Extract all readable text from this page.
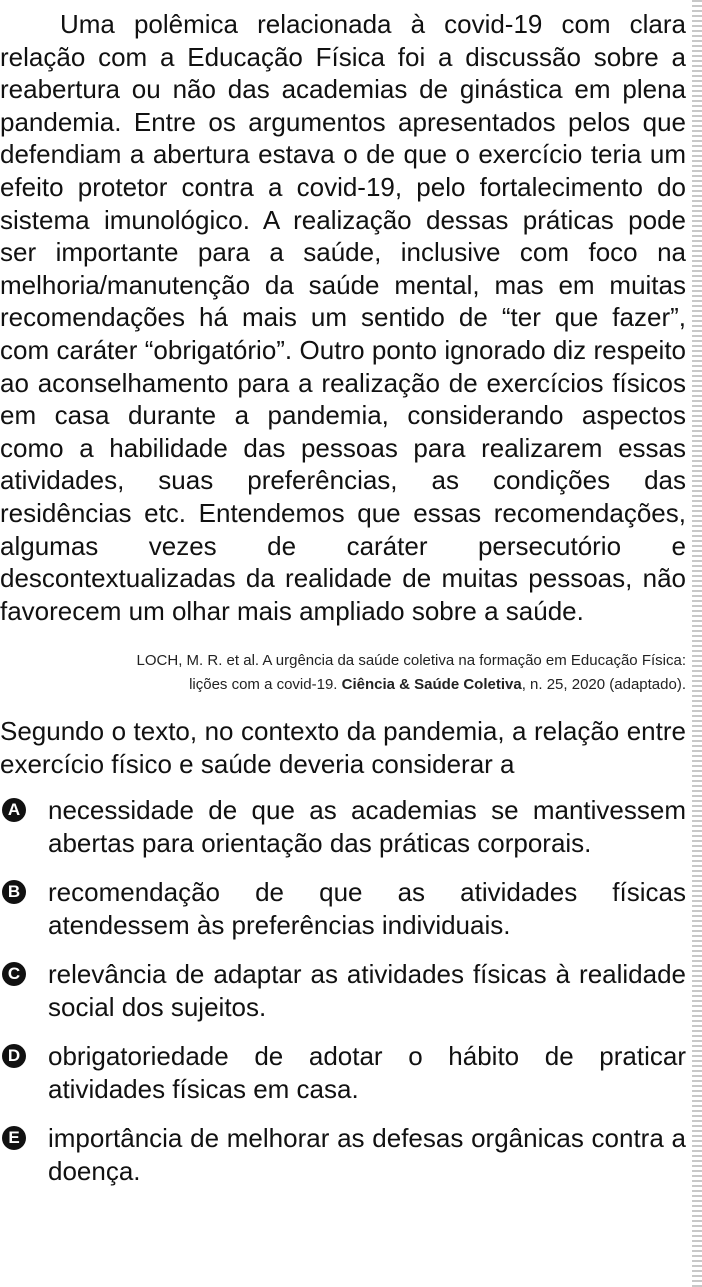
Uma polêmica relacionada à covid-19 com clara relação com a Educação Física foi a discussão sobre a reabertura ou não das academias de ginástica em plena pandemia. Entre os argumentos apresentados pelos que defendiam a abertura estava o de que o exercício teria um efeito protetor contra a covid-19, pelo fortalecimento do sistema imunológico. A realização dessas práticas pode ser importante para a saúde, inclusive com foco na melhoria/manutenção da saúde mental, mas em muitas recomendações há mais um sentido de “ter que fazer”, com caráter “obrigatório”. Outro ponto ignorado diz respeito ao aconselhamento para a realização de exercícios físicos em casa durante a pandemia, considerando aspectos como a habilidade das pessoas para realizarem essas atividades, suas preferências, as condições das residências etc. Entendemos que essas recomendações, algumas vezes de caráter persecutório e descontextualizadas da realidade de muitas pessoas, não favorecem um olhar mais ampliado sobre a saúde.

LOCH, M. R. et al. A urgência da saúde coletiva na formação em Educação Física:
lições com a covid-19. Ciência & Saúde Coletiva, n. 25, 2020 (adaptado).

Segundo o texto, no contexto da pandemia, a relação entre exercício físico e saúde deveria considerar a

A necessidade de que as academias se mantivessem abertas para orientação das práticas corporais.
B recomendação de que as atividades físicas atendessem às preferências individuais.
C relevância de adaptar as atividades físicas à realidade social dos sujeitos.
D obrigatoriedade de adotar o hábito de praticar atividades físicas em casa.
E importância de melhorar as defesas orgânicas contra a doença.
